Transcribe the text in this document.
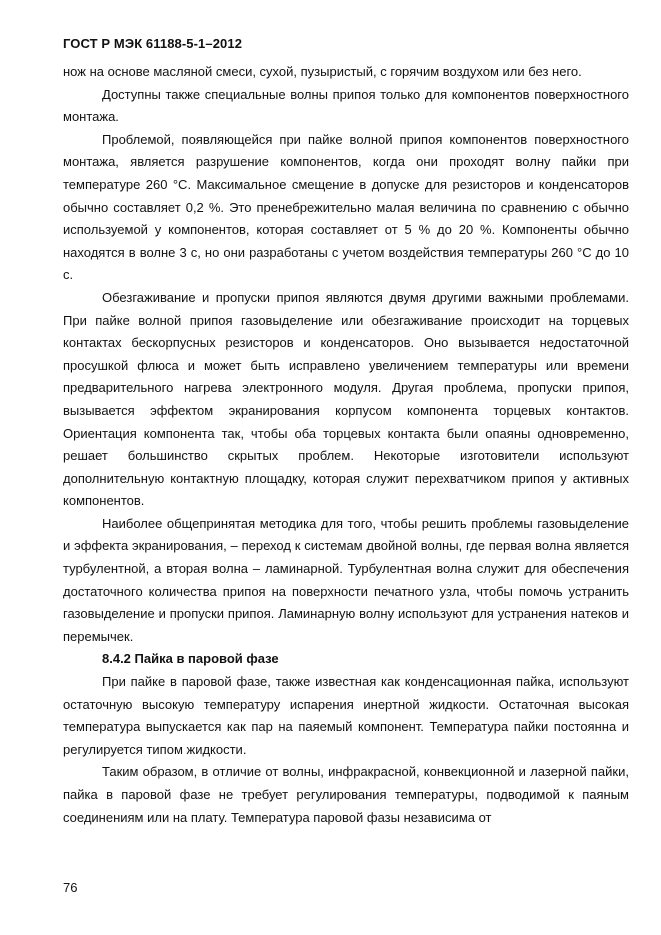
ГОСТ Р МЭК 61188-5-1–2012

нож на основе масляной смеси, сухой, пузыристый, с горячим воздухом или без него.

Доступны также специальные волны припоя только для компонентов поверхностного монтажа.

Проблемой, появляющейся при пайке волной припоя компонентов поверхностного монтажа, является разрушение компонентов, когда они проходят волну пайки при температуре 260 °C. Максимальное смещение в допуске для резисторов и конденсаторов обычно составляет 0,2 %. Это пренебрежительно малая величина по сравнению с обычно используемой у компонентов, которая составляет от 5 % до 20 %. Компоненты обычно находятся в волне 3 с, но они разработаны с учетом воздействия температуры 260 °С до 10 с.

Обезгаживание и пропуски припоя являются двумя другими важными проблемами. При пайке волной припоя газовыделение или обезгаживание происходит на торцевых контактах бескорпусных резисторов и конденсаторов. Оно вызывается недостаточной просушкой флюса и может быть исправлено увеличением температуры или времени предварительного нагрева электронного модуля. Другая проблема, пропуски припоя, вызывается эффектом экранирования корпусом компонента торцевых контактов. Ориентация компонента так, чтобы оба торцевых контакта были опаяны одновременно, решает большинство скрытых проблем. Некоторые изготовители используют дополнительную контактную площадку, которая служит перехватчиком припоя у активных компонентов.

Наиболее общепринятая методика для того, чтобы решить проблемы газовыделение и эффекта экранирования, – переход к системам двойной волны, где первая волна является турбулентной, а вторая волна – ламинарной. Турбулентная волна служит для обеспечения достаточного количества припоя на поверхности печатного узла, чтобы помочь устранить газовыделение и пропуски припоя. Ламинарную волну используют для устранения натеков и перемычек.

8.4.2 Пайка в паровой фазе

При пайке в паровой фазе, также известная как конденсационная пайка, используют остаточную высокую температуру испарения инертной жидкости. Остаточная высокая температура выпускается как пар на паяемый компонент. Температура пайки постоянна и регулируется типом жидкости.

Таким образом, в отличие от волны, инфракрасной, конвекционной и лазерной пайки, пайка в паровой фазе не требует регулирования температуры, подводимой к паяным соединениям или на плату. Температура паровой фазы независима от

76
